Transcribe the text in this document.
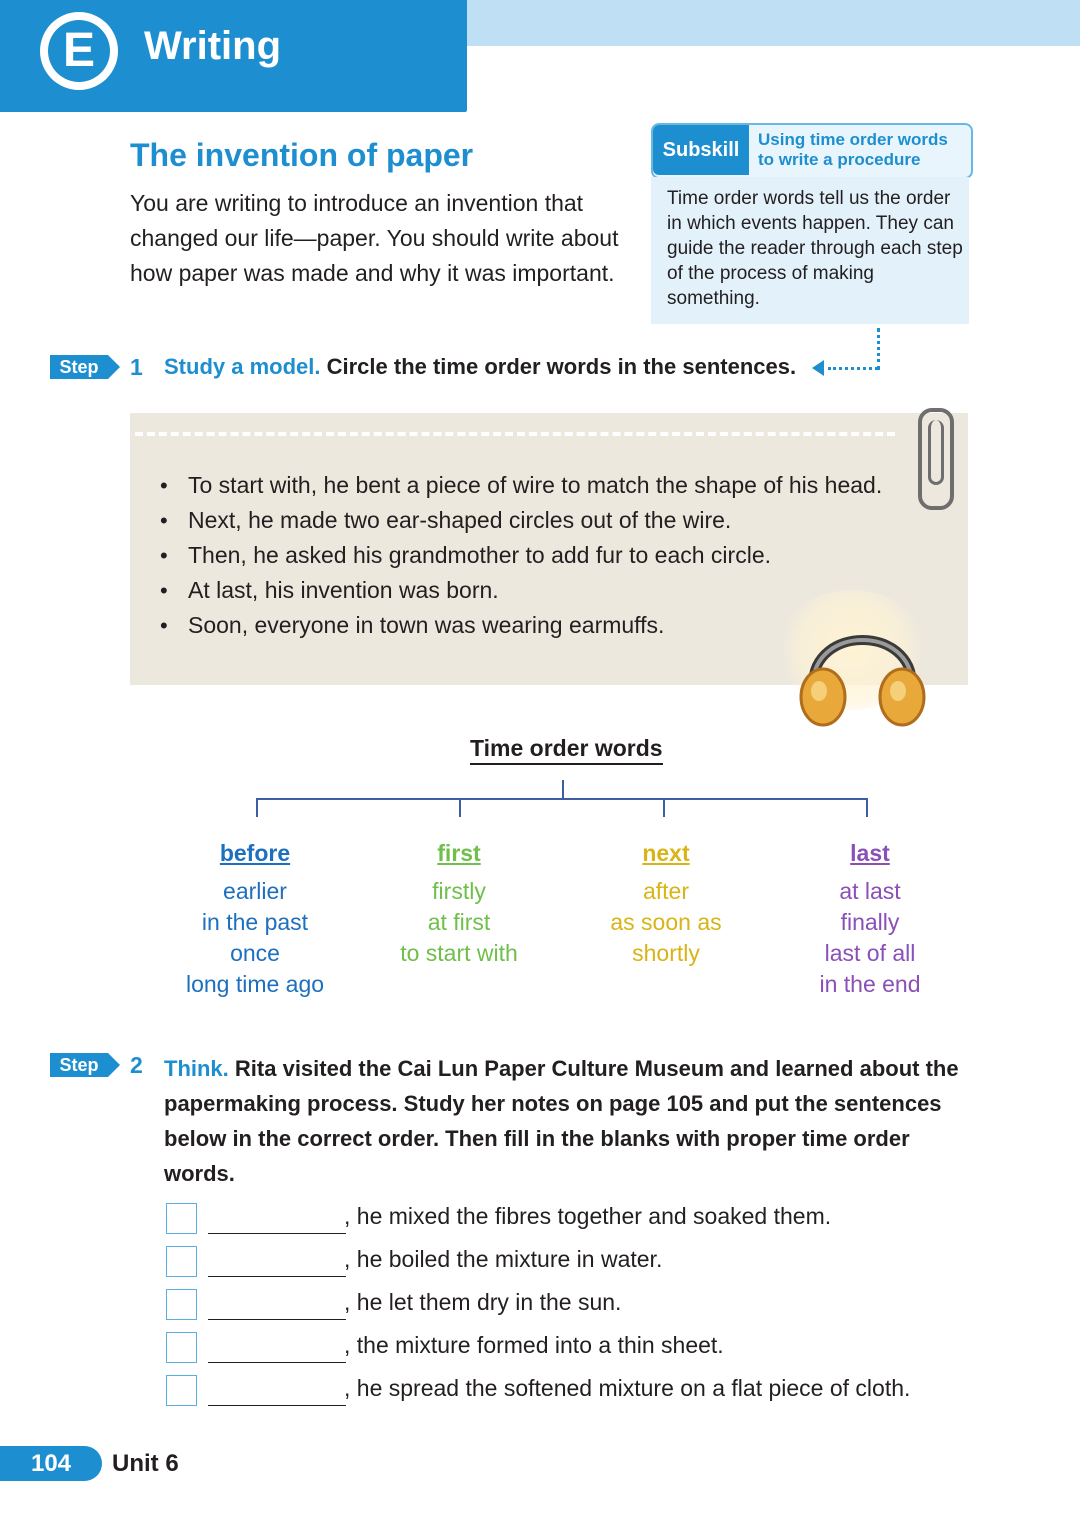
E	Writing
The invention of paper
You are writing to introduce an invention that changed our life—paper. You should write about how paper was made and why it was important.
Subskill	Using time order words to write a procedure
Time order words tell us the order in which events happen. They can guide the reader through each step of the process of making something.
Step	1 Study a model. Circle the time order words in the sentences.
• To start with, he bent a piece of wire to match the shape of his head.
• Next, he made two ear-shaped circles out of the wire.
• Then, he asked his grandmother to add fur to each circle.
• At last, his invention was born.
• Soon, everyone in town was wearing earmuffs.
Time order words
before
earlier
in the past
once
long time ago
first
firstly
at first
to start with
next
after
as soon as
shortly
last
at last
finally
last of all
in the end
Step	2 Think. Rita visited the Cai Lun Paper Culture Museum and learned about the papermaking process. Study her notes on page 105 and put the sentences below in the correct order. Then fill in the blanks with proper time order words.
, he mixed the fibres together and soaked them.
, he boiled the mixture in water.
, he let them dry in the sun.
, the mixture formed into a thin sheet.
, he spread the softened mixture on a flat piece of cloth.
104	Unit 6
